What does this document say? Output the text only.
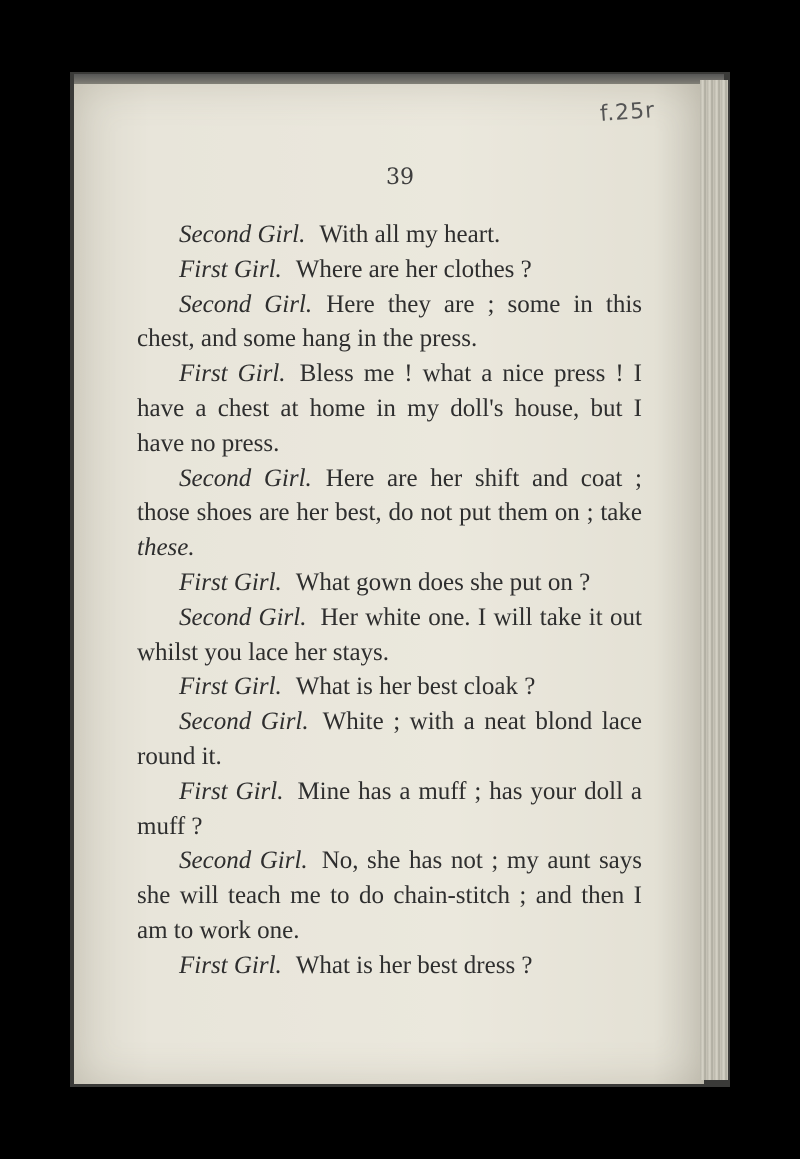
f.25r
39

Second Girl. With all my heart.

First Girl. Where are her clothes ?

Second Girl. Here they are ; some in this chest, and some hang in the press.

First Girl. Bless me ! what a nice press ! I have a chest at home in my doll's house, but I have no press.

Second Girl. Here are her shift and coat ; those shoes are her best, do not put them on ; take these.

First Girl. What gown does she put on ?

Second Girl. Her white one. I will take it out whilst you lace her stays.

First Girl. What is her best cloak ?

Second Girl. White ; with a neat blond lace round it.

First Girl. Mine has a muff ; has your doll a muff ?

Second Girl. No, she has not ; my aunt says she will teach me to do chain-stitch ; and then I am to work one.

First Girl. What is her best dress ?
